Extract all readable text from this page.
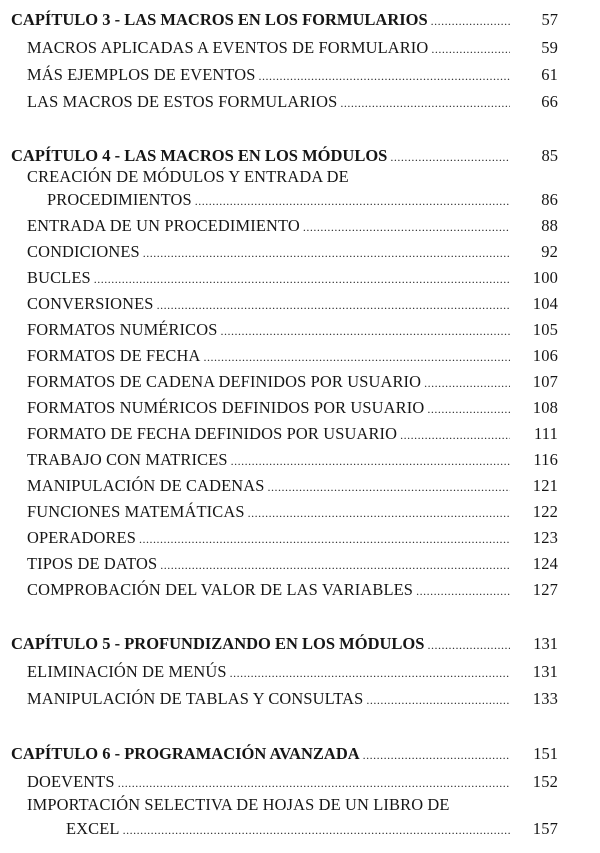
CAPÍTULO 3 - LAS MACROS EN LOS FORMULARIOS .....	57
MACROS APLICADAS A EVENTOS DE FORMULARIO .....	59
MÁS EJEMPLOS DE EVENTOS .....	61
LAS MACROS DE ESTOS FORMULARIOS .....	66
CAPÍTULO 4 - LAS MACROS EN LOS MÓDULOS .....	85
CREACIÓN DE MÓDULOS Y ENTRADA DE
PROCEDIMIENTOS .....	86
ENTRADA DE UN PROCEDIMIENTO .....	88
CONDICIONES .....	92
BUCLES .....	100
CONVERSIONES .....	104
FORMATOS NUMÉRICOS .....	105
FORMATOS DE FECHA .....	106
FORMATOS DE CADENA DEFINIDOS POR USUARIO .....	107
FORMATOS NUMÉRICOS DEFINIDOS POR USUARIO .....	108
FORMATO DE FECHA DEFINIDOS POR USUARIO .....	111
TRABAJO CON MATRICES .....	116
MANIPULACIÓN DE CADENAS .....	121
FUNCIONES MATEMÁTICAS .....	122
OPERADORES .....	123
TIPOS DE DATOS .....	124
COMPROBACIÓN DEL VALOR DE LAS VARIABLES .....	127
CAPÍTULO 5 - PROFUNDIZANDO EN LOS MÓDULOS .....	131
ELIMINACIÓN DE MENÚS .....	131
MANIPULACIÓN DE TABLAS Y CONSULTAS .....	133
CAPÍTULO 6 - PROGRAMACIÓN AVANZADA .....	151
DOEVENTS .....	152
IMPORTACIÓN SELECTIVA DE HOJAS DE UN LIBRO DE
EXCEL .....	157
